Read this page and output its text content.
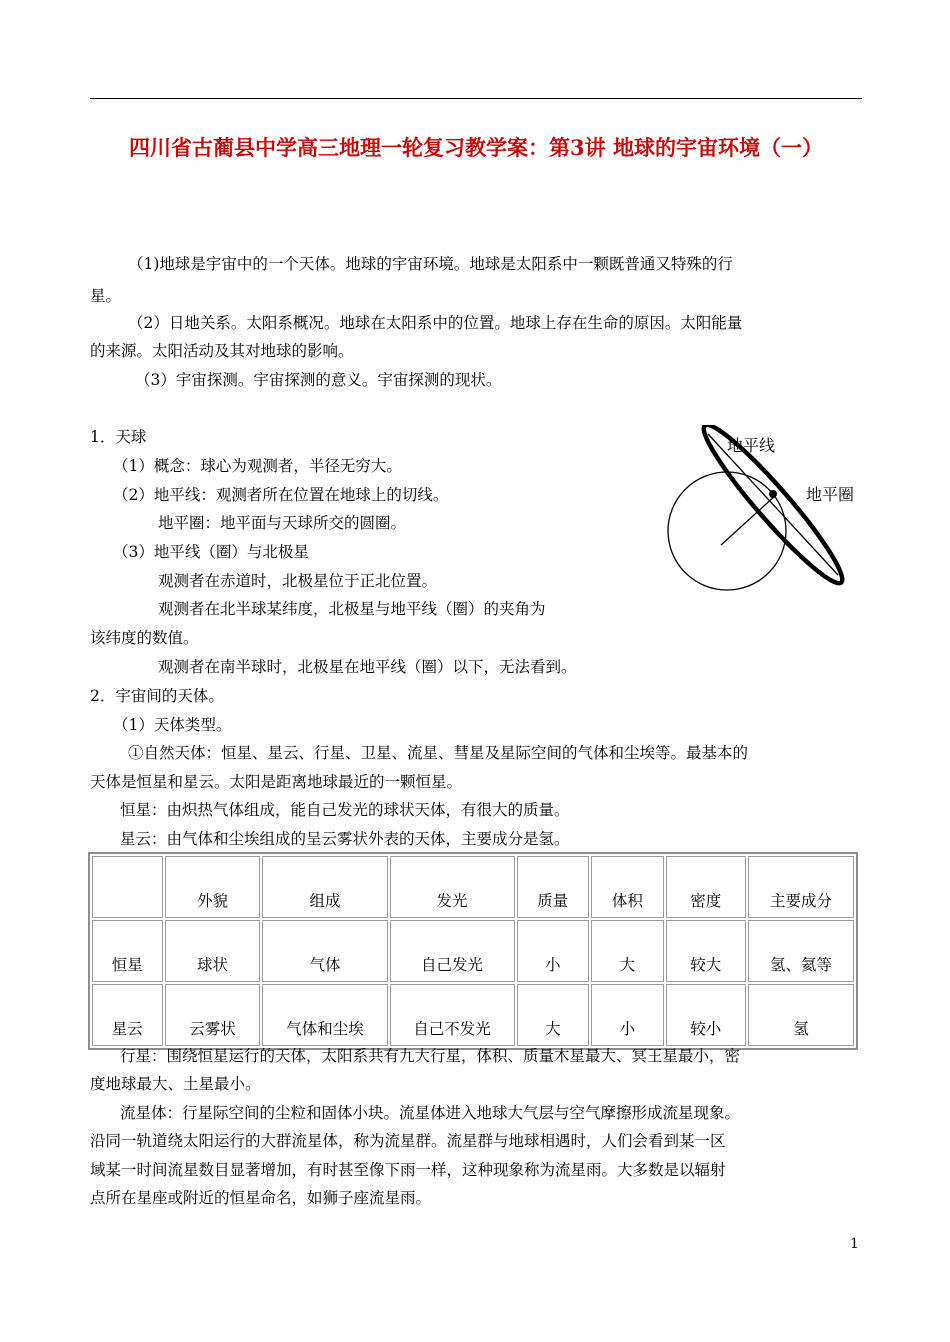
四川省古蔺县中学高三地理一轮复习教学案：第3讲 地球的宇宙环境（一）
（1)地球是宇宙中的一个天体。地球的宇宙环境。地球是太阳系中一颗既普通又特殊的行
星。
（2）日地关系。太阳系概况。地球在太阳系中的位置。地球上存在生命的原因。太阳能量
的来源。太阳活动及其对地球的影响。
（3）宇宙探测。宇宙探测的意义。宇宙探测的现状。
1．天球
（1）概念：球心为观测者，半径无穷大。
（2）地平线：观测者所在位置在地球上的切线。
地平圈：地平面与天球所交的圆圈。
（3）地平线（圈）与北极星
观测者在赤道时，北极星位于正北位置。
观测者在北半球某纬度，北极星与地平线（圈）的夹角为
该纬度的数值。
观测者在南半球时，北极星在地平线（圈）以下，无法看到。
地平线
地平圈
2．宇宙间的天体。
（1）天体类型。
①自然天体：恒星、星云、行星、卫星、流星、彗星及星际空间的气体和尘埃等。最基本的
天体是恒星和星云。太阳是距离地球最近的一颗恒星。
恒星：由炽热气体组成，能自己发光的球状天体，有很大的质量。
星云：由气体和尘埃组成的呈云雾状外表的天体，主要成分是氢。
	外貌	组成	发光	质量	体积	密度	主要成分
恒星	球状	气体	自己发光	小	大	较大	氢、氦等
星云	云雾状	气体和尘埃	自己不发光	大	小	较小	氢
行星：围绕恒星运行的天体，太阳系共有九大行星，体积、质量木星最大、冥王星最小，密
度地球最大、土星最小。
流星体：行星际空间的尘粒和固体小块。流星体进入地球大气层与空气摩擦形成流星现象。
沿同一轨道绕太阳运行的大群流星体，称为流星群。流星群与地球相遇时，人们会看到某一区
域某一时间流星数目显著增加，有时甚至像下雨一样，这种现象称为流星雨。大多数是以辐射
点所在星座或附近的恒星命名，如狮子座流星雨。
1
